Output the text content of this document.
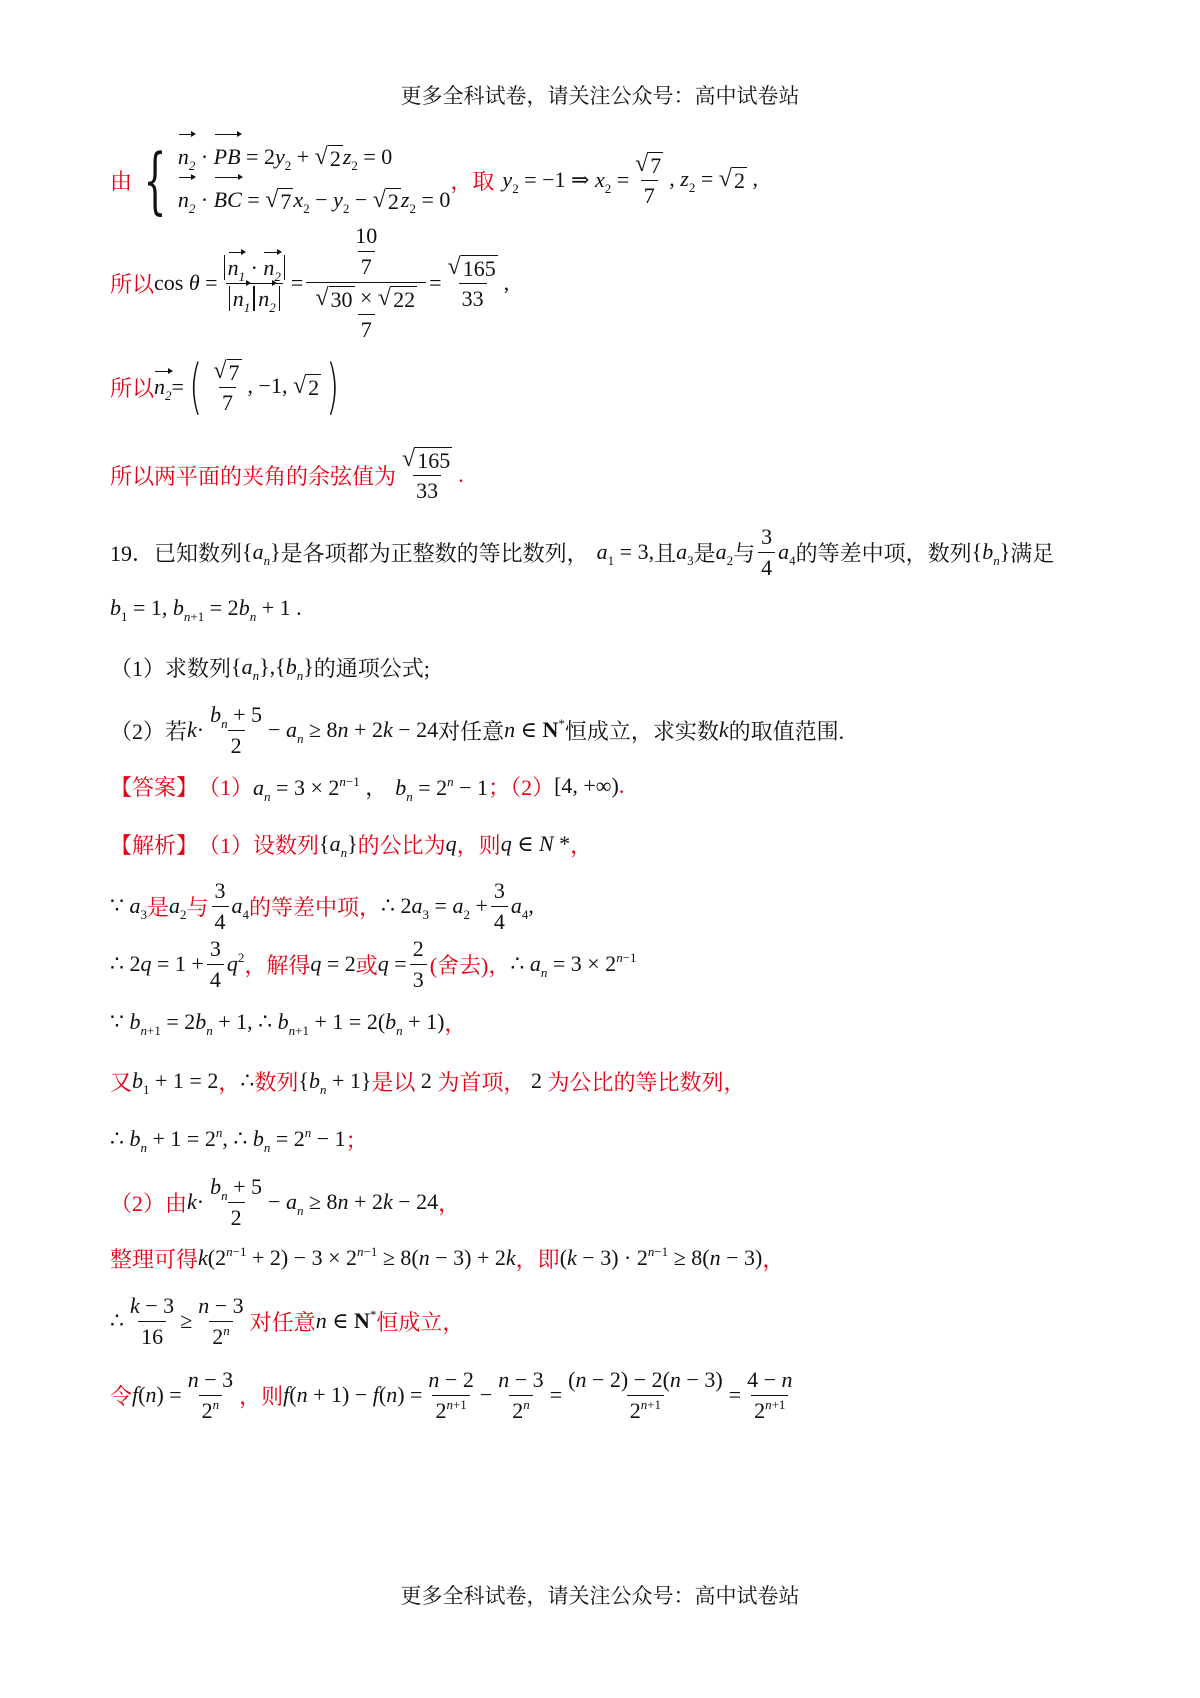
更多全科试卷，请关注公众号：高中试卷站
由 { $n_2$ · PB = $2y_2$ + √ 2 $z_2 = 0$
$n_2$ · BC = √ 7 $x_2 - y_2$ − √ 2 $z_2 = 0$
，取 $y_2 = -1$ ⇒ $x_2 = \frac{√ 7}{7}$ , $z_2$ = √ 2 ,
所以 $\cos \theta = \frac{n_1 \cdot n_2}{n_1 n_2} = \frac{\frac{10}{7}}{\frac{√ 30 \times √ 22}{7}} = \frac{√ 165}{33}$ ,
所以 $n_2$ = ( $\frac{√ 7}{7}$ , −1, √ 2 )
所以两平面的夹角的余弦值为 $\frac{√ 165}{33}$ .
19． 已知数列 $\{a_n\}$ 是各项都为正整数的等比数列， $a_1 = 3$, 且 $a_3$ 是 $a_2$ 与 $\frac{3}{4} a_4$ 的等差中项，数列 $\{b_n\}$ 满足
$b_1 = 1$, $b_{n+1} = 2b_n + 1$ .
（1）求数列 $\{a_n\},\{b_n\}$ 的通项公式;
（2）若 $k \cdot \frac{b_n + 5}{2} - a_n \ge 8n + 2k - 24$ 对任意 n ∈ N* 恒成立，求实数 k 的取值范围.
【答案】 （1） $a_n = 3 \times 2^{n-1}$ ， $b_n = 2^n - 1$ ；（2） [4, +∞) .
【解析】 （1）设数列 $\{a_n\}$ 的公比为 q ，则 q ∈ N * ，
∵ $a_3$ 是 $a_2$ 与 $\frac{3}{4} a_4$ 的等差中项， ∴ $2a_3 = a_2 + \frac{3}{4} a_4$,
∴ $2q = 1 + \frac{3}{4} q^2$ ，解得 q = 2 或 $q = \frac{2}{3}$ (舍去)， ∴ $a_n = 3 \times 2^{n-1}$
∵ $b_{n+1} = 2b_n + 1$, ∴ $b_{n+1} + 1 = 2(b_n + 1)$ ，
又 $b_1 + 1 = 2$ ， ∴ 数列 $\{b_n + 1\}$ 是以 2 为首项， 2 为公比的等比数列，
∴ $b_n + 1 = 2^n$, ∴ $b_n = 2^n - 1$ ；
（2）由 $k \cdot \frac{b_n + 5}{2} - a_n \ge 8n + 2k - 24$ ，
整理可得 $k(2^{n-1} + 2) - 3 \times 2^{n-1} \ge 8(n - 3) + 2k$ ，即 $(k - 3) \cdot 2^{n-1} \ge 8(n - 3)$ ，
∴ $\frac{k - 3}{16} \ge \frac{n - 3}{2^n}$ 对任意 n ∈ N* 恒成立，
令 $f(n) = \frac{n - 3}{2^n}$ ，则 $f(n + 1) - f(n) = \frac{n - 2}{2^{n+1}} - \frac{n - 3}{2^n} = \frac{(n - 2) - 2(n - 3)}{2^{n+1}} = \frac{4 - n}{2^{n+1}}$
更多全科试卷，请关注公众号：高中试卷站
